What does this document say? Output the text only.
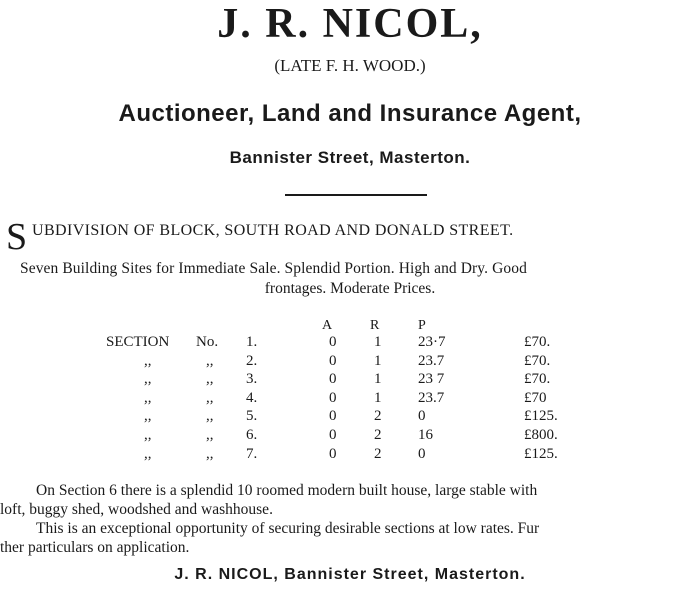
J. R. NICOL,
(LATE F. H. WOOD.)
Auctioneer, Land and Insurance Agent,
Bannister Street, Masterton.
S UBDIVISION OF BLOCK, SOUTH ROAD AND DONALD STREET.
Seven Building Sites for Immediate Sale. Splendid Portion. High and Dry. Good
frontages. Moderate Prices.
A	R	P
SECTION No. 1.	0	1 23·7	£70.
,,	,, 2.	0	1 23.7	£70.
,,	,, 3.	0	1 23 7	£70.
,,	,, 4.	0	1 23.7	£70
,,	,, 5.	0	2 0	£125.
,,	,, 6.	0	2 16	£800.
,,	,, 7.	0	2 0	£125.
On Section 6 there is a splendid 10 roomed modern built house, large stable with
loft, buggy shed, woodshed and washhouse.
This is an exceptional opportunity of securing desirable sections at low rates. Fur
ther particulars on application.
J. R. NICOL, Bannister Street, Masterton.
